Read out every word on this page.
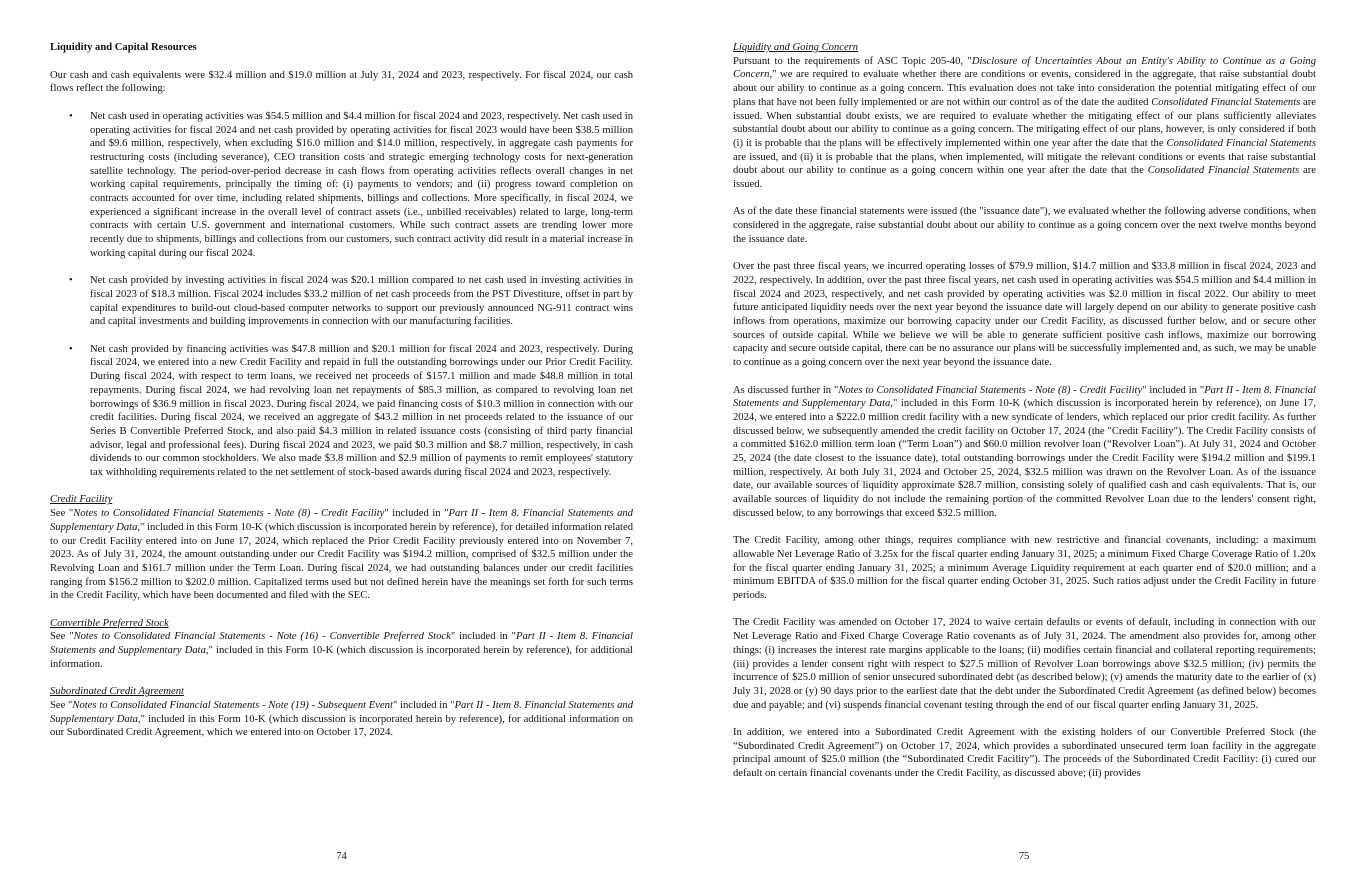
Liquidity and Capital Resources

Our cash and cash equivalents were $32.4 million and $19.0 million at July 31, 2024 and 2023, respectively. For fiscal 2024, our cash flows reflect the following:

• Net cash used in operating activities was $54.5 million and $4.4 million for fiscal 2024 and 2023, respectively. Net cash used in operating activities for fiscal 2024 and net cash provided by operating activities for fiscal 2023 would have been $38.5 million and $9.6 million, respectively, when excluding $16.0 million and $14.0 million, respectively, in aggregate cash payments for restructuring costs (including severance), CEO transition costs and strategic emerging technology costs for next-generation satellite technology. The period-over-period decrease in cash flows from operating activities reflects overall changes in net working capital requirements, principally the timing of: (i) payments to vendors; and (ii) progress toward completion on contracts accounted for over time, including related shipments, billings and collections. More specifically, in fiscal 2024, we experienced a significant increase in the overall level of contract assets (i.e., unbilled receivables) related to large, long-term contracts with certain U.S. government and international customers. While such contract assets are trending lower more recently due to shipments, billings and collections from our customers, such contract activity did result in a material increase in working capital during our fiscal 2024.
• Net cash provided by investing activities in fiscal 2024 was $20.1 million compared to net cash used in investing activities in fiscal 2023 of $18.3 million. Fiscal 2024 includes $33.2 million of net cash proceeds from the PST Divestiture, offset in part by capital expenditures to build-out cloud-based computer networks to support our previously announced NG-911 contract wins and capital investments and building improvements in connection with our manufacturing facilities.
• Net cash provided by financing activities was $47.8 million and $20.1 million for fiscal 2024 and 2023, respectively. During fiscal 2024, we entered into a new Credit Facility and repaid in full the outstanding borrowings under our Prior Credit Facility. During fiscal 2024, with respect to term loans, we received net proceeds of $157.1 million and made $48.8 million in total repayments. During fiscal 2024, we had revolving loan net repayments of $85.3 million, as compared to revolving loan net borrowings of $36.9 million in fiscal 2023. During fiscal 2024, we paid financing costs of $10.3 million in connection with our credit facilities. During fiscal 2024, we received an aggregate of $43.2 million in net proceeds related to the issuance of our Series B Convertible Preferred Stock, and also paid $4.3 million in related issuance costs (consisting of third party financial advisor, legal and professional fees). During fiscal 2024 and 2023, we paid $0.3 million and $8.7 million, respectively, in cash dividends to our common stockholders. We also made $3.8 million and $2.9 million of payments to remit employees' statutory tax withholding requirements related to the net settlement of stock-based awards during fiscal 2024 and 2023, respectively.
Credit Facility
See "Notes to Consolidated Financial Statements - Note (8) - Credit Facility" included in "Part II - Item 8. Financial Statements and Supplementary Data," included in this Form 10-K (which discussion is incorporated herein by reference), for detailed information related to our Credit Facility entered into on June 17, 2024, which replaced the Prior Credit Facility previously entered into on November 7, 2023. As of July 31, 2024, the amount outstanding under our Credit Facility was $194.2 million, comprised of $32.5 million under the Revolving Loan and $161.7 million under the Term Loan. During fiscal 2024, we had outstanding balances under our credit facilities ranging from $156.2 million to $202.0 million. Capitalized terms used but not defined herein have the meanings set forth for such terms in the Credit Facility, which have been documented and filed with the SEC.
Convertible Preferred Stock
See "Notes to Consolidated Financial Statements - Note (16) - Convertible Preferred Stock" included in "Part II - Item 8. Financial Statements and Supplementary Data," included in this Form 10-K (which discussion is incorporated herein by reference), for additional information.
Subordinated Credit Agreement
See "Notes to Consolidated Financial Statements - Note (19) - Subsequent Event" included in "Part II - Item 8. Financial Statements and Supplementary Data," included in this Form 10-K (which discussion is incorporated herein by reference), for additional information on our Subordinated Credit Agreement, which we entered into on October 17, 2024.
74
Liquidity and Going Concern
Pursuant to the requirements of ASC Topic 205-40, "Disclosure of Uncertainties About an Entity's Ability to Continue as a Going Concern," we are required to evaluate whether there are conditions or events, considered in the aggregate, that raise substantial doubt about our ability to continue as a going concern. This evaluation does not take into consideration the potential mitigating effect of our plans that have not been fully implemented or are not within our control as of the date the audited Consolidated Financial Statements are issued. When substantial doubt exists, we are required to evaluate whether the mitigating effect of our plans sufficiently alleviates substantial doubt about our ability to continue as a going concern. The mitigating effect of our plans, however, is only considered if both (i) it is probable that the plans will be effectively implemented within one year after the date that the Consolidated Financial Statements are issued, and (ii) it is probable that the plans, when implemented, will mitigate the relevant conditions or events that raise substantial doubt about our ability to continue as a going concern within one year after the date that the Consolidated Financial Statements are issued.

As of the date these financial statements were issued (the "issuance date"), we evaluated whether the following adverse conditions, when considered in the aggregate, raise substantial doubt about our ability to continue as a going concern over the next twelve months beyond the issuance date.

Over the past three fiscal years, we incurred operating losses of $79.9 million, $14.7 million and $33.8 million in fiscal 2024, 2023 and 2022, respectively. In addition, over the past three fiscal years, net cash used in operating activities was $54.5 million and $4.4 million in fiscal 2024 and 2023, respectively, and net cash provided by operating activities was $2.0 million in fiscal 2022. Our ability to meet future anticipated liquidity needs over the next year beyond the issuance date will largely depend on our ability to generate positive cash inflows from operations, maximize our borrowing capacity under our Credit Facility, as discussed further below, and or secure other sources of outside capital. While we believe we will be able to generate sufficient positive cash inflows, maximize our borrowing capacity and secure outside capital, there can be no assurance our plans will be successfully implemented and, as such, we may be unable to continue as a going concern over the next year beyond the issuance date.

As discussed further in "Notes to Consolidated Financial Statements - Note (8) - Credit Facility" included in "Part II - Item 8. Financial Statements and Supplementary Data," included in this Form 10-K (which discussion is incorporated herein by reference), on June 17, 2024, we entered into a $222.0 million credit facility with a new syndicate of lenders, which replaced our prior credit facility. As further discussed below, we subsequently amended the credit facility on October 17, 2024 (the "Credit Facility"). The Credit Facility consists of a committed $162.0 million term loan (“Term Loan”) and $60.0 million revolver loan (“Revolver Loan”). At July 31, 2024 and October 25, 2024 (the date closest to the issuance date), total outstanding borrowings under the Credit Facility were $194.2 million and $199.1 million, respectively. At both July 31, 2024 and October 25, 2024, $32.5 million was drawn on the Revolver Loan. As of the issuance date, our available sources of liquidity approximate $28.7 million, consisting solely of qualified cash and cash equivalents. That is, our available sources of liquidity do not include the remaining portion of the committed Revolver Loan due to the lenders' consent right, discussed below, to any borrowings that exceed $32.5 million.

The Credit Facility, among other things, requires compliance with new restrictive and financial covenants, including: a maximum allowable Net Leverage Ratio of 3.25x for the fiscal quarter ending January 31, 2025; a minimum Fixed Charge Coverage Ratio of 1.20x for the fiscal quarter ending January 31, 2025; a minimum Average Liquidity requirement at each quarter end of $20.0 million; and a minimum EBITDA of $35.0 million for the fiscal quarter ending October 31, 2025. Such ratios adjust under the Credit Facility in future periods.

The Credit Facility was amended on October 17, 2024 to waive certain defaults or events of default, including in connection with our Net Leverage Ratio and Fixed Charge Coverage Ratio covenants as of July 31, 2024. The amendment also provides for, among other things: (i) increases the interest rate margins applicable to the loans; (ii) modifies certain financial and collateral reporting requirements; (iii) provides a lender consent right with respect to $27.5 million of Revolver Loan borrowings above $32.5 million; (iv) permits the incurrence of $25.0 million of senior unsecured subordinated debt (as described below); (v) amends the maturity date to the earlier of (x) July 31, 2028 or (y) 90 days prior to the earliest date that the debt under the Subordinated Credit Agreement (as defined below) becomes due and payable; and (vi) suspends financial covenant testing through the end of our fiscal quarter ending January 31, 2025.

In addition, we entered into a Subordinated Credit Agreement with the existing holders of our Convertible Preferred Stock (the “Subordinated Credit Agreement”) on October 17, 2024, which provides a subordinated unsecured term loan facility in the aggregate principal amount of $25.0 million (the “Subordinated Credit Facility”). The proceeds of the Subordinated Credit Facility: (i) cured our default on certain financial covenants under the Credit Facility, as discussed above; (ii) provides

75
